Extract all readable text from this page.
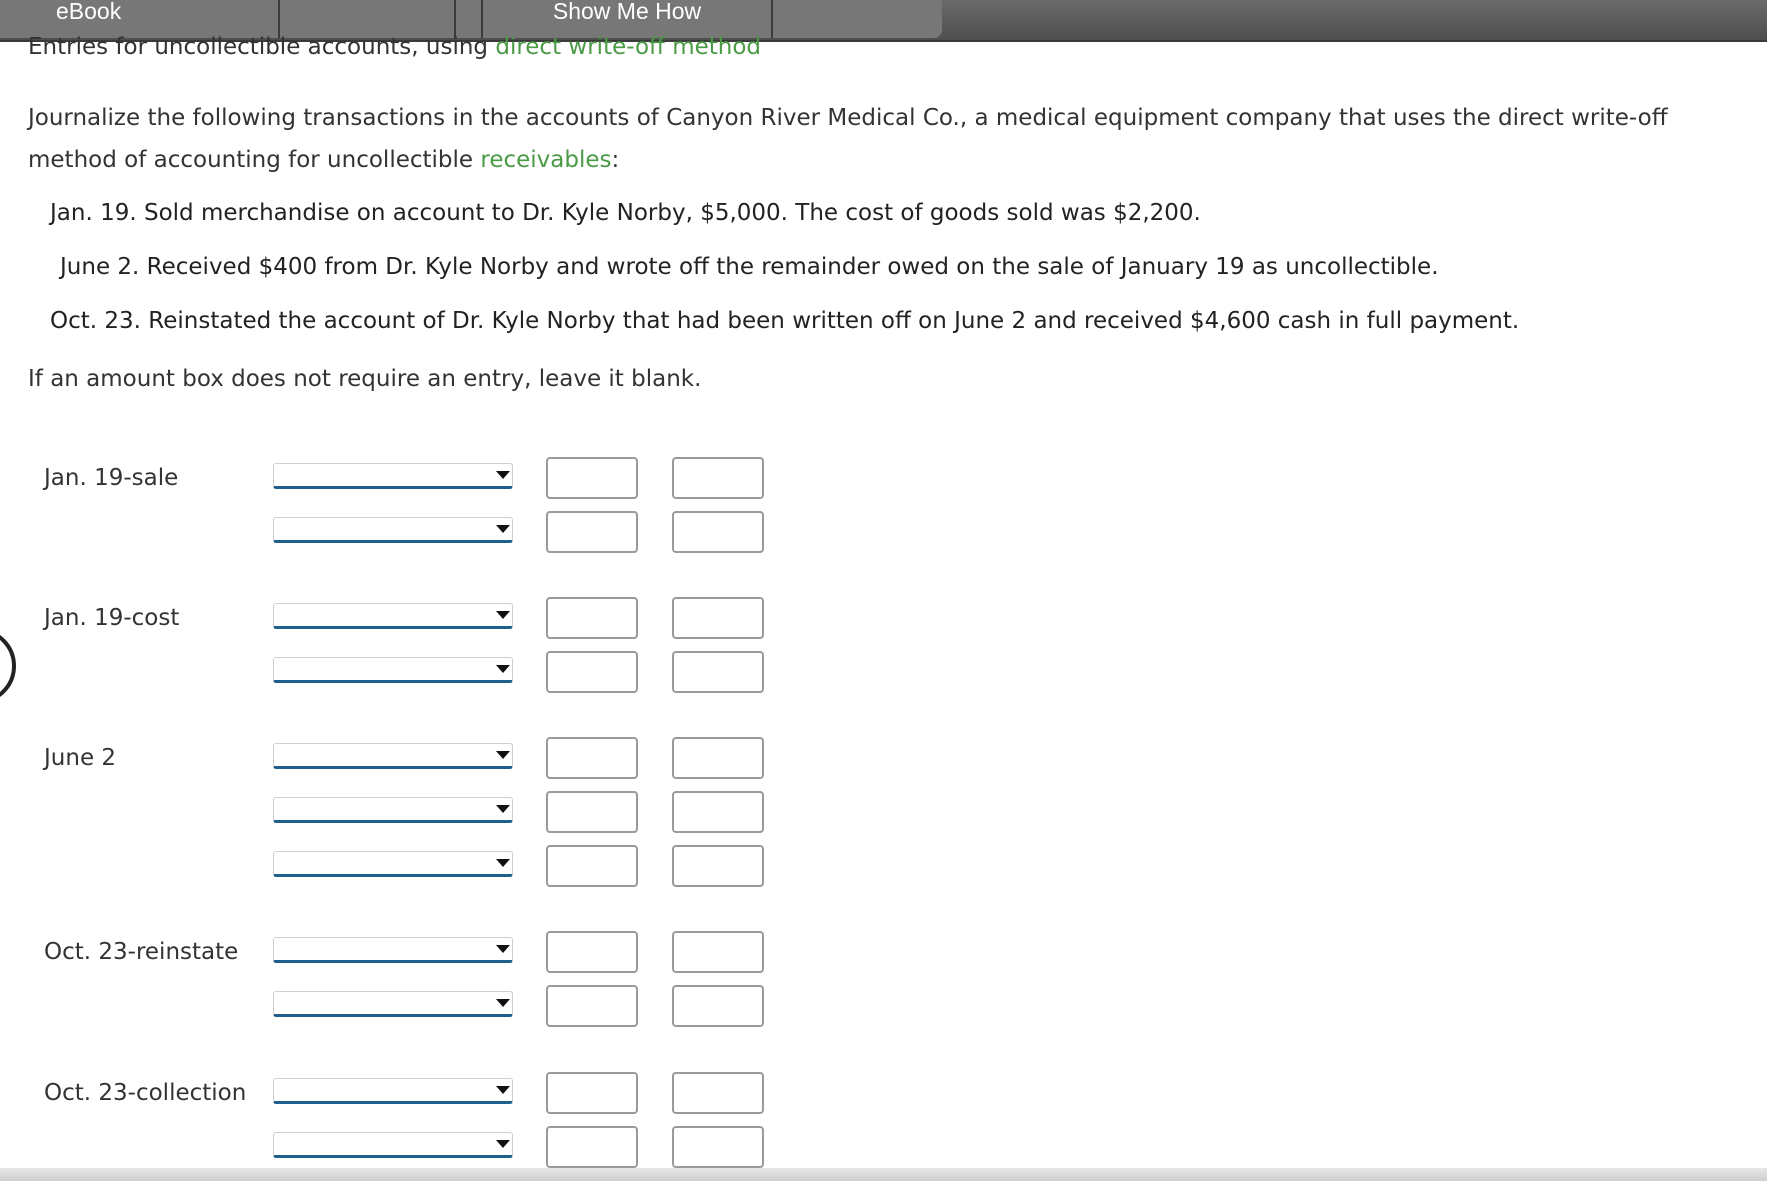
eBook	Show Me How
Entries for uncollectible accounts, using direct write-off method
Journalize the following transactions in the accounts of Canyon River Medical Co., a medical equipment company that uses the direct write-off method of accounting for uncollectible receivables:
Jan. 19. Sold merchandise on account to Dr. Kyle Norby, $5,000. The cost of goods sold was $2,200.
June 2. Received $400 from Dr. Kyle Norby and wrote off the remainder owed on the sale of January 19 as uncollectible.
Oct. 23. Reinstated the account of Dr. Kyle Norby that had been written off on June 2 and received $4,600 cash in full payment.
If an amount box does not require an entry, leave it blank.
Jan. 19-sale
Jan. 19-cost
June 2
Oct. 23-reinstate
Oct. 23-collection
